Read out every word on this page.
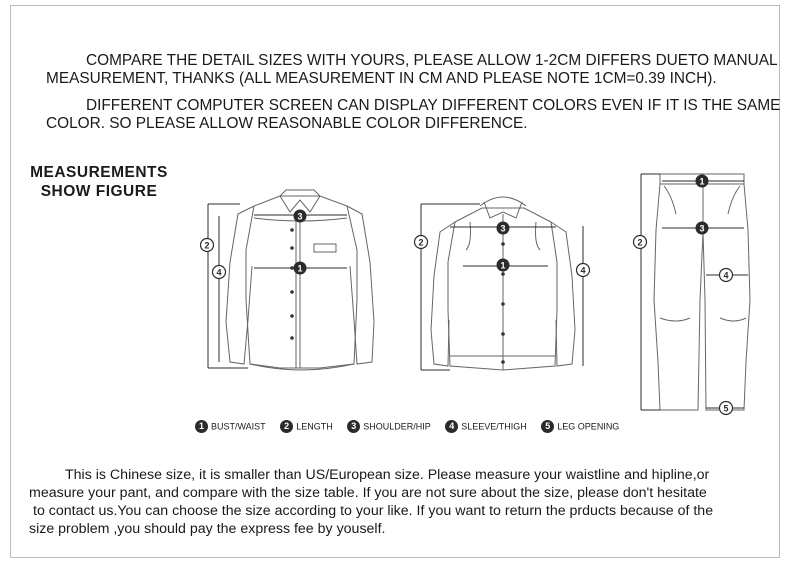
COMPARE THE DETAIL SIZES WITH YOURS, PLEASE ALLOW 1-2CM DIFFERS DUETO MANUAL
MEASUREMENT, THANKS (ALL MEASUREMENT IN CM AND PLEASE NOTE 1CM=0.39 INCH).
DIFFERENT COMPUTER SCREEN CAN DISPLAY DIFFERENT COLORS EVEN IF IT IS THE SAME
COLOR. SO PLEASE ALLOW REASONABLE COLOR DIFFERENCE.
MEASUREMENTS
SHOW FIGURE
3
2
1
4
3
2
1	4
1
3
2
4
5
1 BUST/WAIST 2 LENGTH 3 SHOULDER/HIP 4 SLEEVE/THIGH 5 LEG OPENING
This is Chinese size, it is smaller than US/European size. Please measure your waistline and hipline,or
measure your pant, and compare with the size table. If you are not sure about the size, please don't hesitate
to contact us.You can choose the size according to your like. If you want to return the prducts because of the
size problem ,you should pay the express fee by youself.
